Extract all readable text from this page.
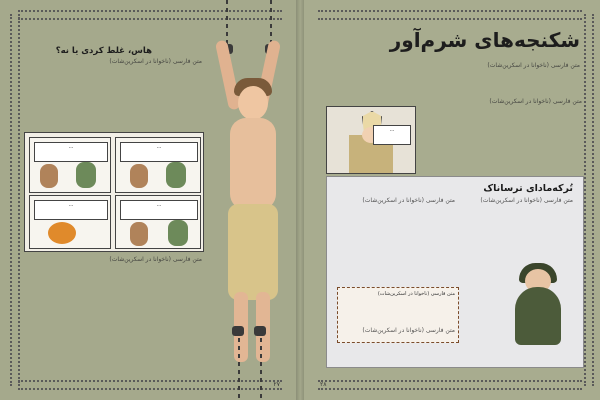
شکنجه‌های شرم‌آور
متن فارسی (ناخوانا در اسکرین‌شات)
…
متن فارسی (ناخوانا در اسکرین‌شات)
تُرکه‌مادای ترساناک
متن فارسی (ناخوانا در اسکرین‌شات)
متن فارسی (ناخوانا در اسکرین‌شات)
متن فارسی (ناخوانا در اسکرین‌شات)
متن فارسی (ناخوانا در اسکرین‌شات)
۲۸
هاس، غلط کردی یا نه؟
متن فارسی (ناخوانا در اسکرین‌شات)
…	…
…	…
متن فارسی (ناخوانا در اسکرین‌شات)
۲۷
